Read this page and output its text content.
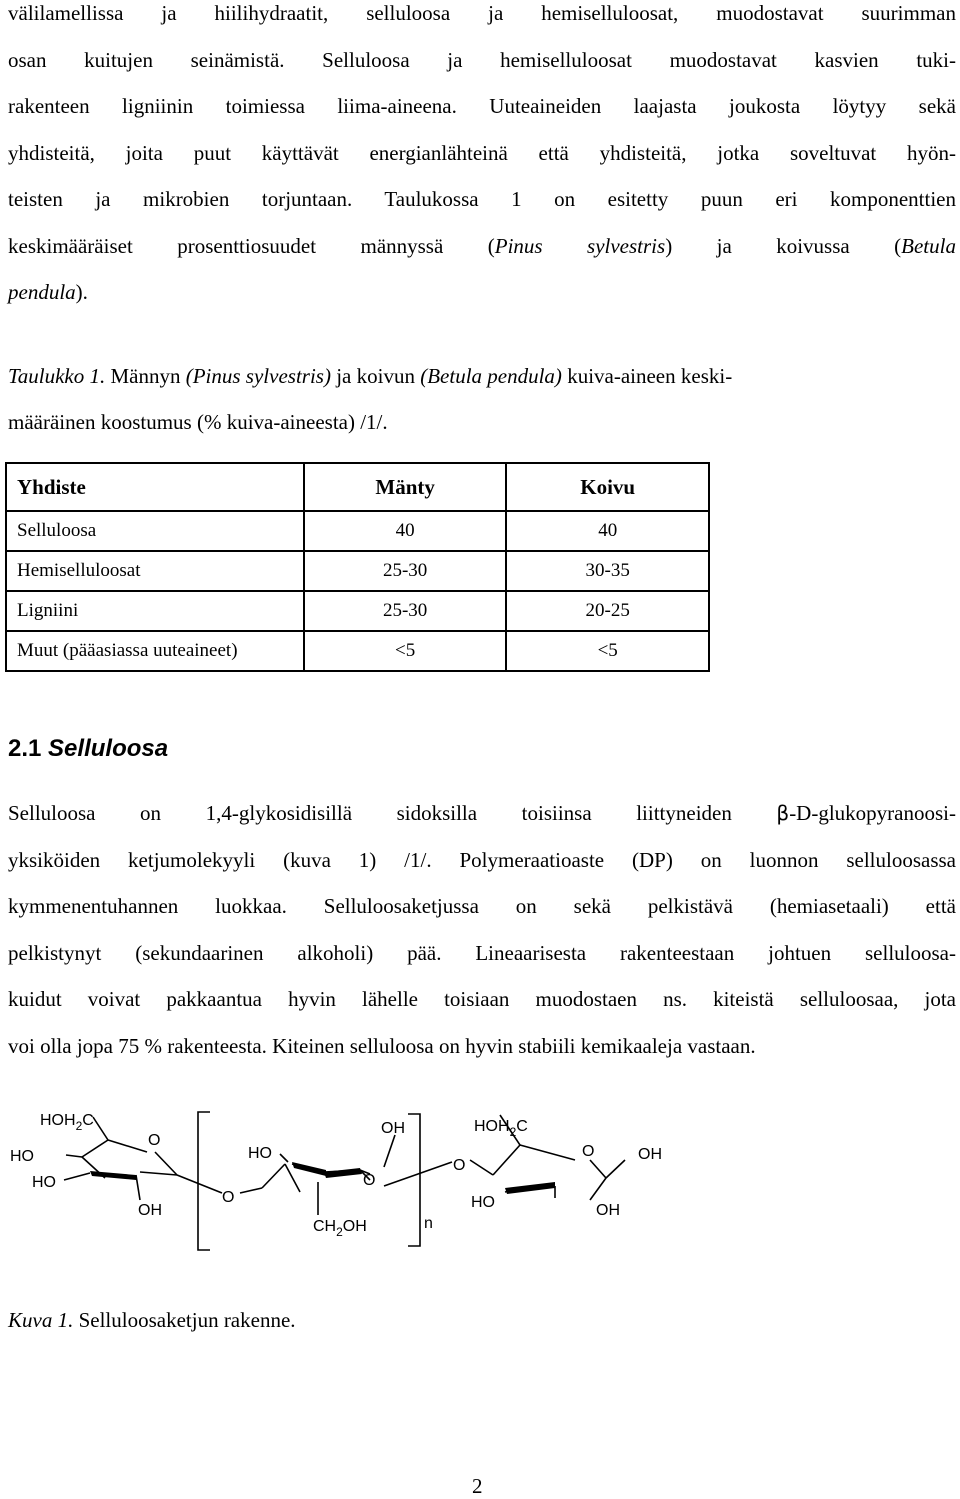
välilamellissa ja hiilihydraatit, selluloosa ja hemiselluloosat, muodostavat suurimman
osan kuitujen seinämistä. Selluloosa ja hemiselluloosat muodostavat kasvien tuki-
rakenteen ligniinin toimiessa liima-aineena. Uuteaineiden laajasta joukosta löytyy sekä
yhdisteitä, joita puut käyttävät energianlähteinä että yhdisteitä, jotka soveltuvat hyön-
teisten ja mikrobien torjuntaan. Taulukossa 1 on esitetty puun eri komponenttien
keskimääräiset prosenttiosuudet männyssä (Pinus sylvestris) ja koivussa (Betula
pendula).
Taulukko 1. Männyn (Pinus sylvestris) ja koivun (Betula pendula) kuiva-aineen keski-
määräinen koostumus (% kuiva-aineesta) /1/.
Yhdiste	Mänty	Koivu
Selluloosa	40	40
Hemiselluloosat	25-30	30-35
Ligniini	25-30	20-25
Muut (pääasiassa uuteaineet)	<5	<5
2.1 Selluloosa
Selluloosa on 1,4-glykosidisillä sidoksilla toisiinsa liittyneiden β-D-glukopyranoosi-
yksiköiden ketjumolekyyli (kuva 1) /1/. Polymeraatioaste (DP) on luonnon selluloosassa
kymmenentuhannen luokkaa. Selluloosaketjussa on sekä pelkistävä (hemiasetaali) että
pelkistynyt (sekundaarinen alkoholi) pää. Lineaarisesta rakenteestaan johtuen selluloosa-
kuidut voivat pakkaantua hyvin lähelle toisiaan muodostaen ns. kiteistä selluloosaa, jota
voi olla jopa 75 % rakenteesta. Kiteinen selluloosa on hyvin stabiili kemikaaleja vastaan.
$HOH_2C$
O
HO
HO
OH
O
HO
O
OH
$CH_2OH$	n
O
$HOH_2C$
O	OH
HO	OH
Kuva 1. Selluloosaketjun rakenne.
2
